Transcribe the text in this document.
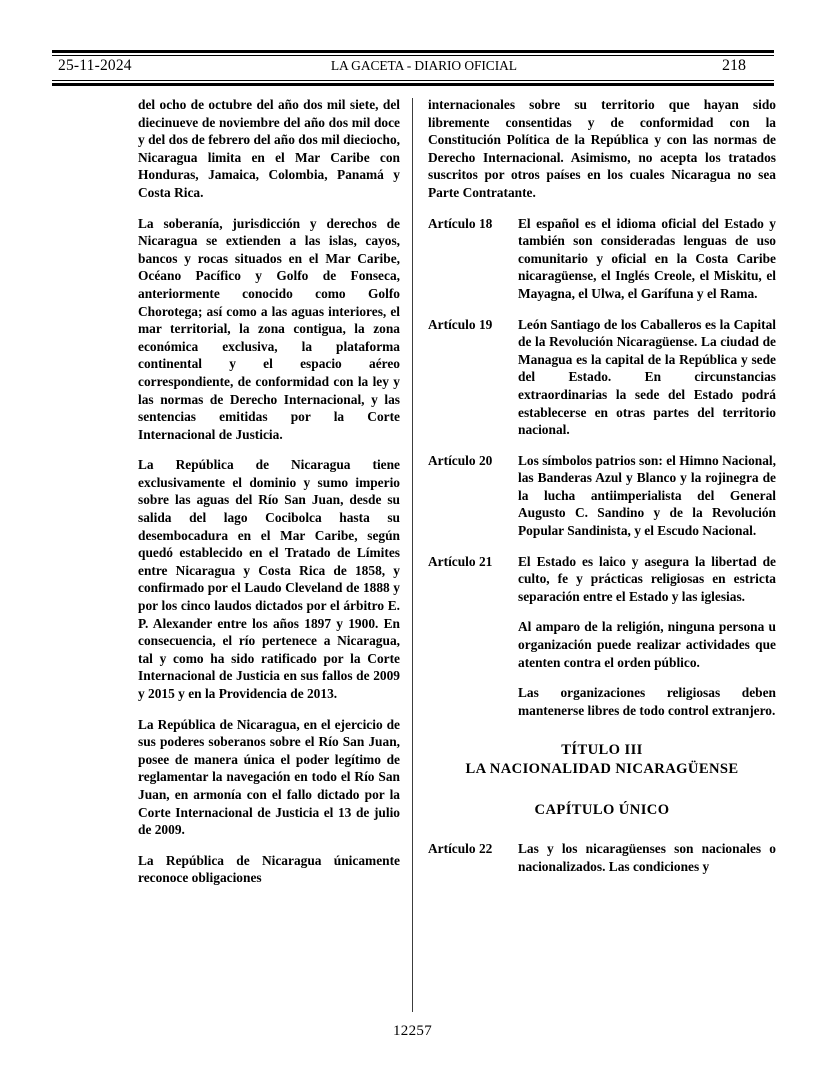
25-11-2024	LA GACETA - DIARIO OFICIAL	218

del ocho de octubre del año dos mil siete, del diecinueve de noviembre del año dos mil doce y del dos de febrero del año dos mil dieciocho, Nicaragua limita en el Mar Caribe con Honduras, Jamaica, Colombia, Panamá y Costa Rica.

La soberanía, jurisdicción y derechos de Nicaragua se extienden a las islas, cayos, bancos y rocas situados en el Mar Caribe, Océano Pacífico y Golfo de Fonseca, anteriormente conocido como Golfo Chorotega; así como a las aguas interiores, el mar territorial, la zona contigua, la zona económica exclusiva, la plataforma continental y el espacio aéreo correspondiente, de conformidad con la ley y las normas de Derecho Internacional, y las sentencias emitidas por la Corte Internacional de Justicia.

La República de Nicaragua tiene exclusivamente el dominio y sumo imperio sobre las aguas del Río San Juan, desde su salida del lago Cocibolca hasta su desembocadura en el Mar Caribe, según quedó establecido en el Tratado de Límites entre Nicaragua y Costa Rica de 1858, y confirmado por el Laudo Cleveland de 1888 y por los cinco laudos dictados por el árbitro E. P. Alexander entre los años 1897 y 1900. En consecuencia, el río pertenece a Nicaragua, tal y como ha sido ratificado por la Corte Internacional de Justicia en sus fallos de 2009 y 2015 y en la Providencia de 2013.

La República de Nicaragua, en el ejercicio de sus poderes soberanos sobre el Río San Juan, posee de manera única el poder legítimo de reglamentar la navegación en todo el Río San Juan, en armonía con el fallo dictado por la Corte Internacional de Justicia el 13 de julio de 2009.

La República de Nicaragua únicamente reconoce obligaciones

internacionales sobre su territorio que hayan sido libremente consentidas y de conformidad con la Constitución Política de la República y con las normas de Derecho Internacional. Asimismo, no acepta los tratados suscritos por otros países en los cuales Nicaragua no sea Parte Contratante.

Artículo 18	El español es el idioma oficial del Estado y también son consideradas lenguas de uso comunitario y oficial en la Costa Caribe nicaragüense, el Inglés Creole, el Miskitu, el Mayagna, el Ulwa, el Garífuna y el Rama.

Artículo 19	León Santiago de los Caballeros es la Capital de la Revolución Nicaragüense. La ciudad de Managua es la capital de la República y sede del Estado. En circunstancias extraordinarias la sede del Estado podrá establecerse en otras partes del territorio nacional.

Artículo 20	Los símbolos patrios son: el Himno Nacional, las Banderas Azul y Blanco y la rojinegra de la lucha antiimperialista del General Augusto C. Sandino y de la Revolución Popular Sandinista, y el Escudo Nacional.

Artículo 21	El Estado es laico y asegura la libertad de culto, fe y prácticas religiosas en estricta separación entre el Estado y las iglesias.

Al amparo de la religión, ninguna persona u organización puede realizar actividades que atenten contra el orden público.

Las organizaciones religiosas deben mantenerse libres de todo control extranjero.

TÍTULO III
LA NACIONALIDAD NICARAGÜENSE
CAPÍTULO ÚNICO
Artículo 22	Las y los nicaragüenses son nacionales o nacionalizados. Las condiciones y

12257
